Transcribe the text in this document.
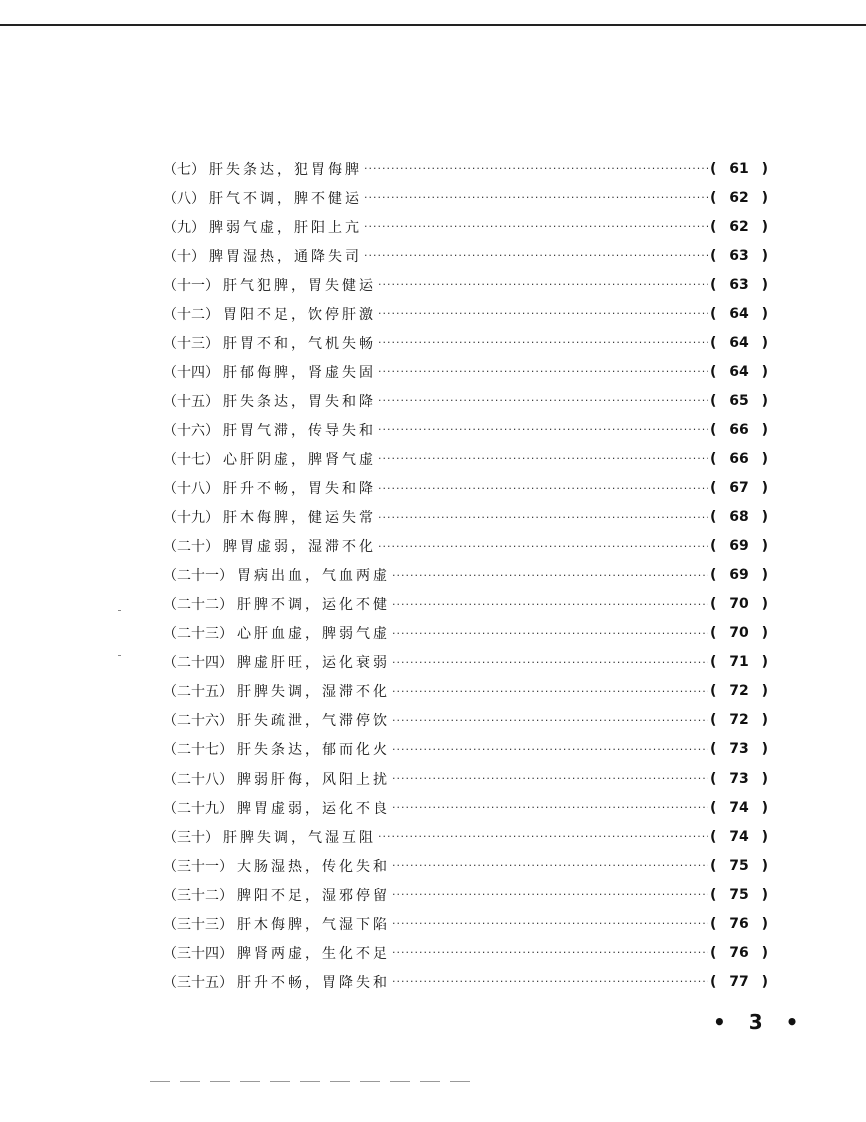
（七） 肝失条达，犯胃侮脾 ·····	( 61 )
（八） 肝气不调，脾不健运 ·····	( 62 )
（九） 脾弱气虚，肝阳上亢 ·····	( 62 )
（十） 脾胃湿热，通降失司 ·····	( 63 )
（十一） 肝气犯脾，胃失健运 ·····	( 63 )
（十二） 胃阳不足，饮停肝激 ·····	( 64 )
（十三） 肝胃不和，气机失畅 ·····	( 64 )
（十四） 肝郁侮脾，肾虚失固 ·····	( 64 )
（十五） 肝失条达，胃失和降 ·····	( 65 )
（十六） 肝胃气滞，传导失和 ·····	( 66 )
（十七） 心肝阴虚，脾肾气虚 ·····	( 66 )
（十八） 肝升不畅，胃失和降 ·····	( 67 )
（十九） 肝木侮脾，健运失常 ·····	( 68 )
（二十） 脾胃虚弱，湿滞不化 ·····	( 69 )
（二十一） 胃病出血，气血两虚 ·····	( 69 )
（二十二） 肝脾不调，运化不健 ·····	( 70 )
（二十三） 心肝血虚，脾弱气虚 ·····	( 70 )
（二十四） 脾虚肝旺，运化衰弱 ·····	( 71 )
（二十五） 肝脾失调，湿滞不化 ·····	( 72 )
（二十六） 肝失疏泄，气滞停饮 ·····	( 72 )
（二十七） 肝失条达，郁而化火 ·····	( 73 )
（二十八） 脾弱肝侮，风阳上扰 ·····	( 73 )
（二十九） 脾胃虚弱，运化不良 ·····	( 74 )
（三十） 肝脾失调，气湿互阻 ·····	( 74 )
（三十一） 大肠湿热，传化失和 ·····	( 75 )
（三十二） 脾阳不足，湿邪停留 ·····	( 75 )
（三十三） 肝木侮脾，气湿下陷 ·····	( 76 )
（三十四） 脾肾两虚，生化不足 ·····	( 76 )
（三十五） 肝升不畅，胃降失和 ·····	( 77 )
• 3 •
